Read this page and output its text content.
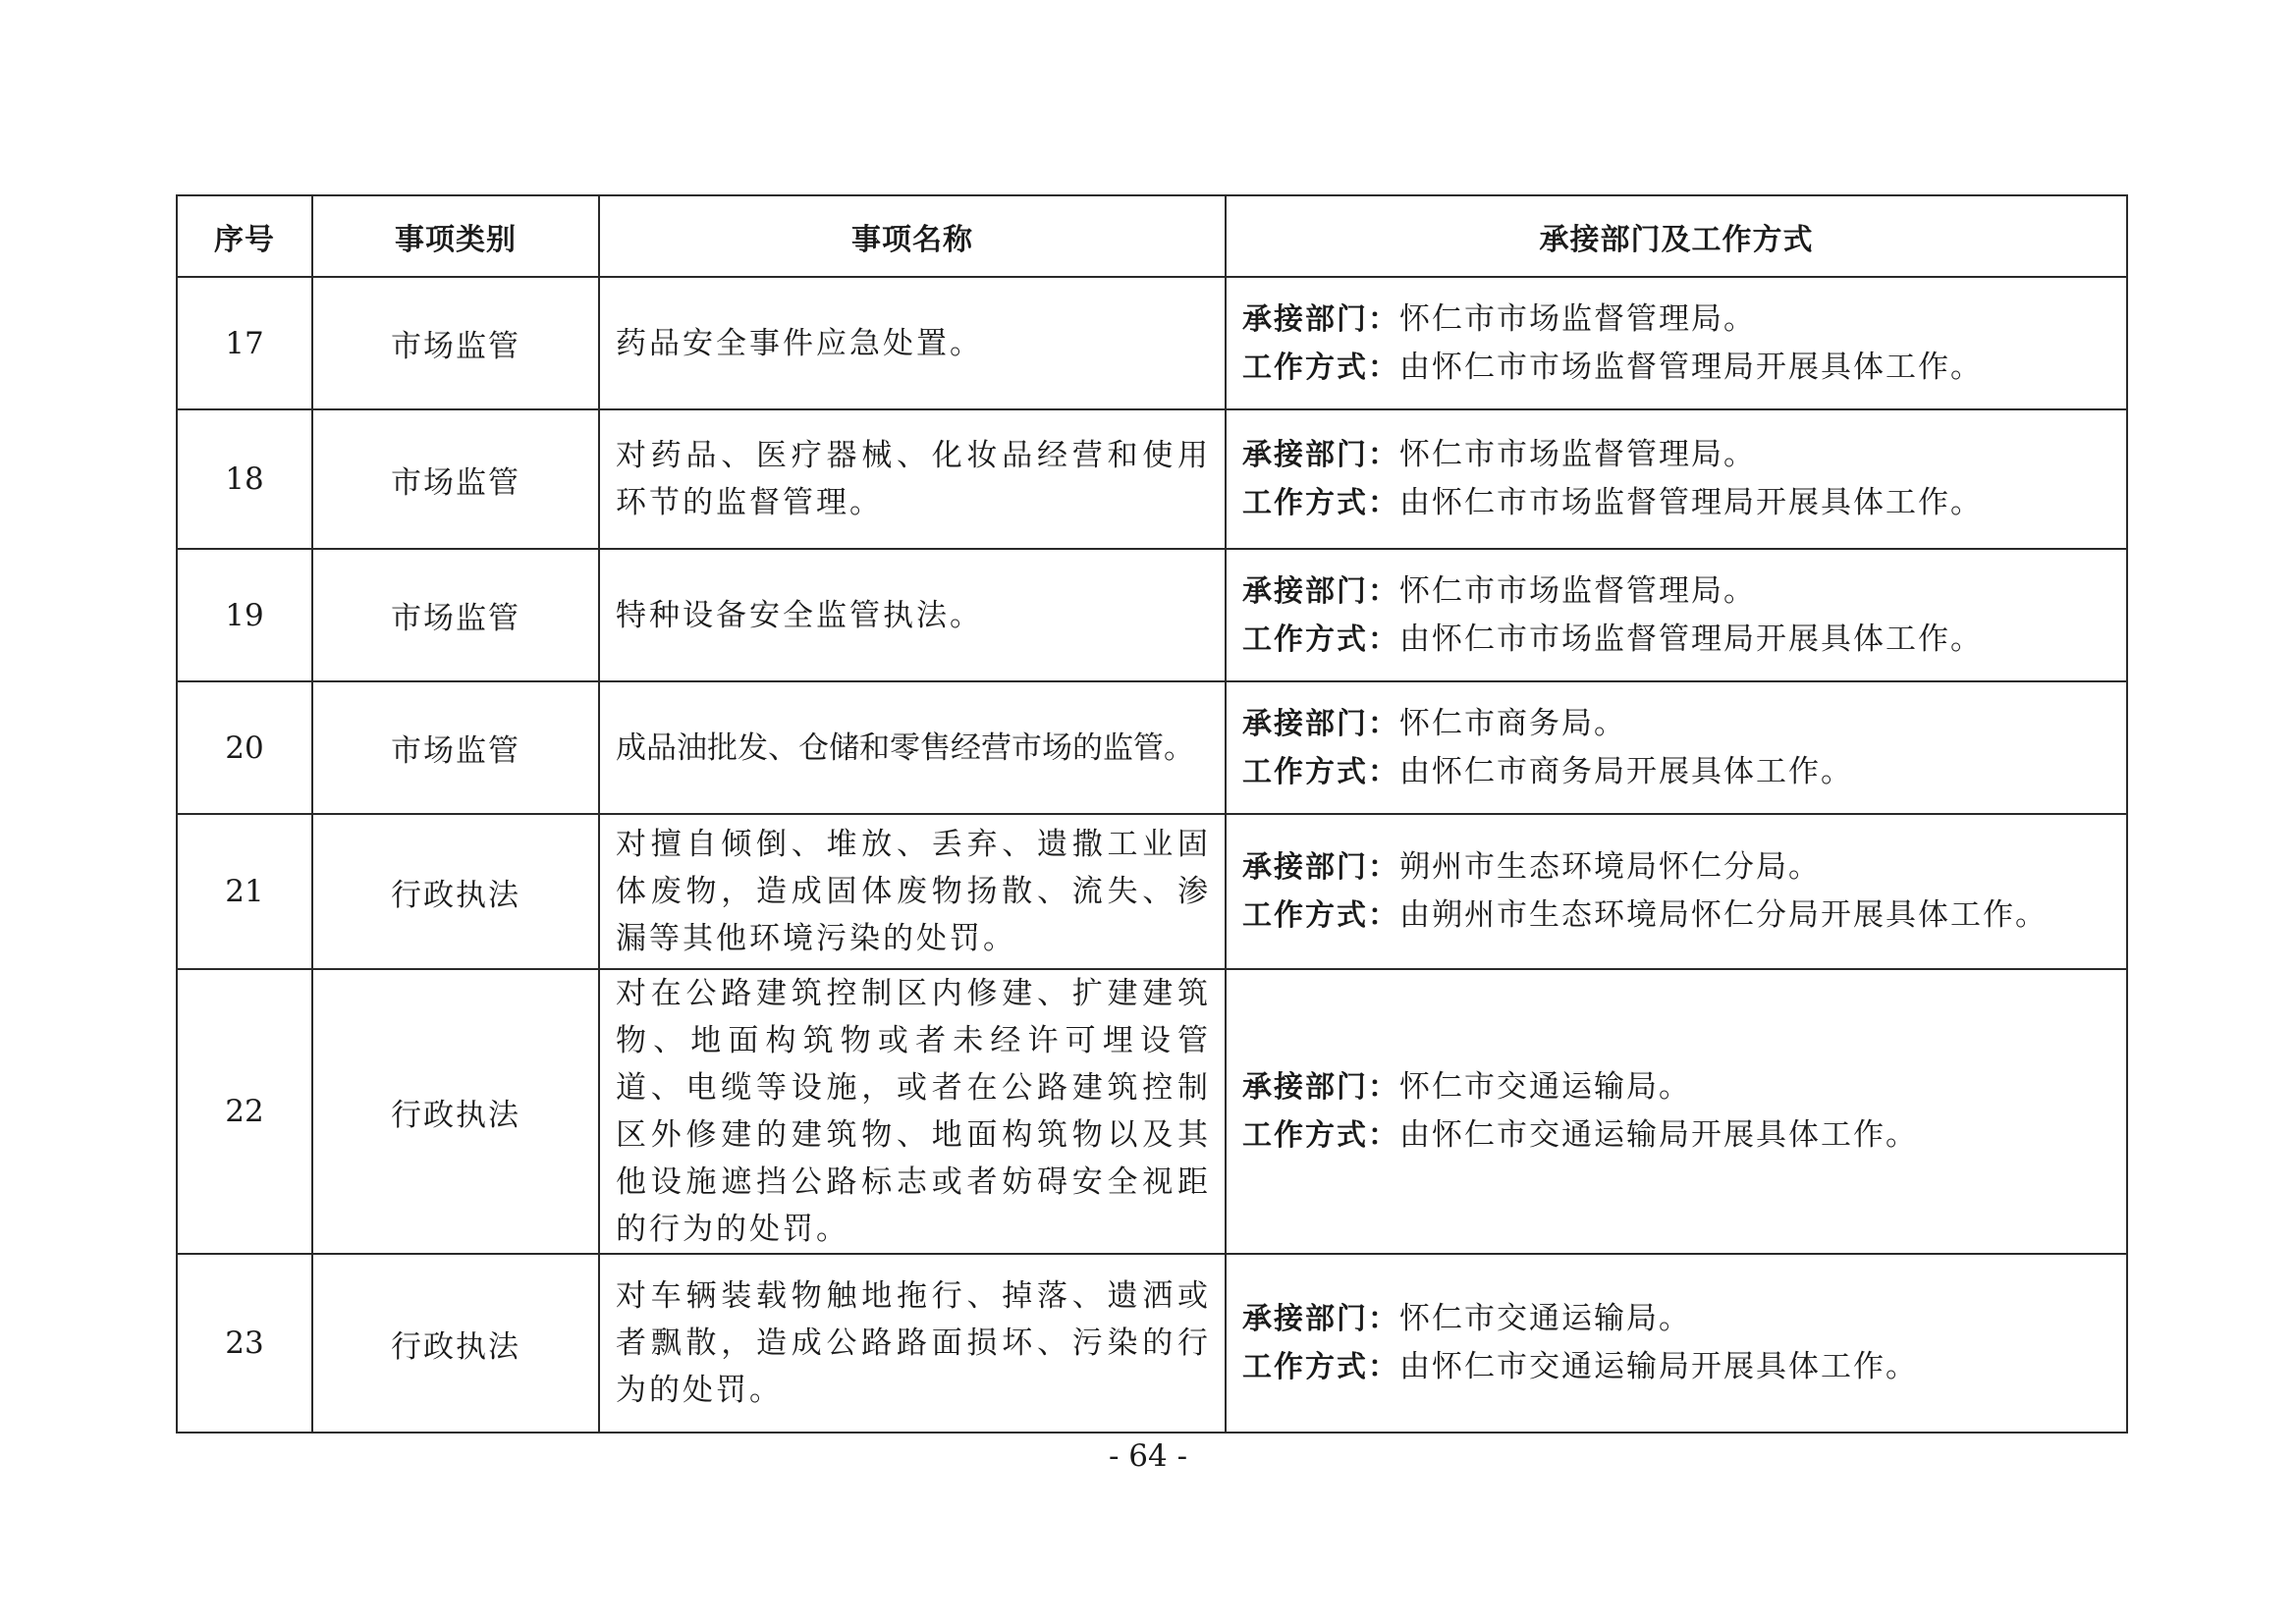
序号	事项类别	事项名称	承接部门及工作方式
17	市场监管	药品安全事件应急处置。	承接部门：怀仁市市场监督管理局。
工作方式：由怀仁市市场监督管理局开展具体工作。

18	市场监管	对药品、医疗器械、化妆品经营和使用环节的监督管理。	承接部门：怀仁市市场监督管理局。
工作方式：由怀仁市市场监督管理局开展具体工作。

19	市场监管	特种设备安全监管执法。	承接部门：怀仁市市场监督管理局。
工作方式：由怀仁市市场监督管理局开展具体工作。

20	市场监管	成品油批发、仓储和零售经营市场的监管。	承接部门：怀仁市商务局。
工作方式：由怀仁市商务局开展具体工作。

21	行政执法	对擅自倾倒、堆放、丢弃、遗撒工业固体废物，造成固体废物扬散、流失、渗漏等其他环境污染的处罚。	承接部门：朔州市生态环境局怀仁分局。
工作方式：由朔州市生态环境局怀仁分局开展具体工作。

22	行政执法	对在公路建筑控制区内修建、扩建建筑物、地面构筑物或者未经许可埋设管道、电缆等设施，或者在公路建筑控制区外修建的建筑物、地面构筑物以及其他设施遮挡公路标志或者妨碍安全视距的行为的处罚。	承接部门：怀仁市交通运输局。
工作方式：由怀仁市交通运输局开展具体工作。

23	行政执法	对车辆装载物触地拖行、掉落、遗洒或者飘散，造成公路路面损坏、污染的行为的处罚。	承接部门：怀仁市交通运输局。
工作方式：由怀仁市交通运输局开展具体工作。
- 64 -
